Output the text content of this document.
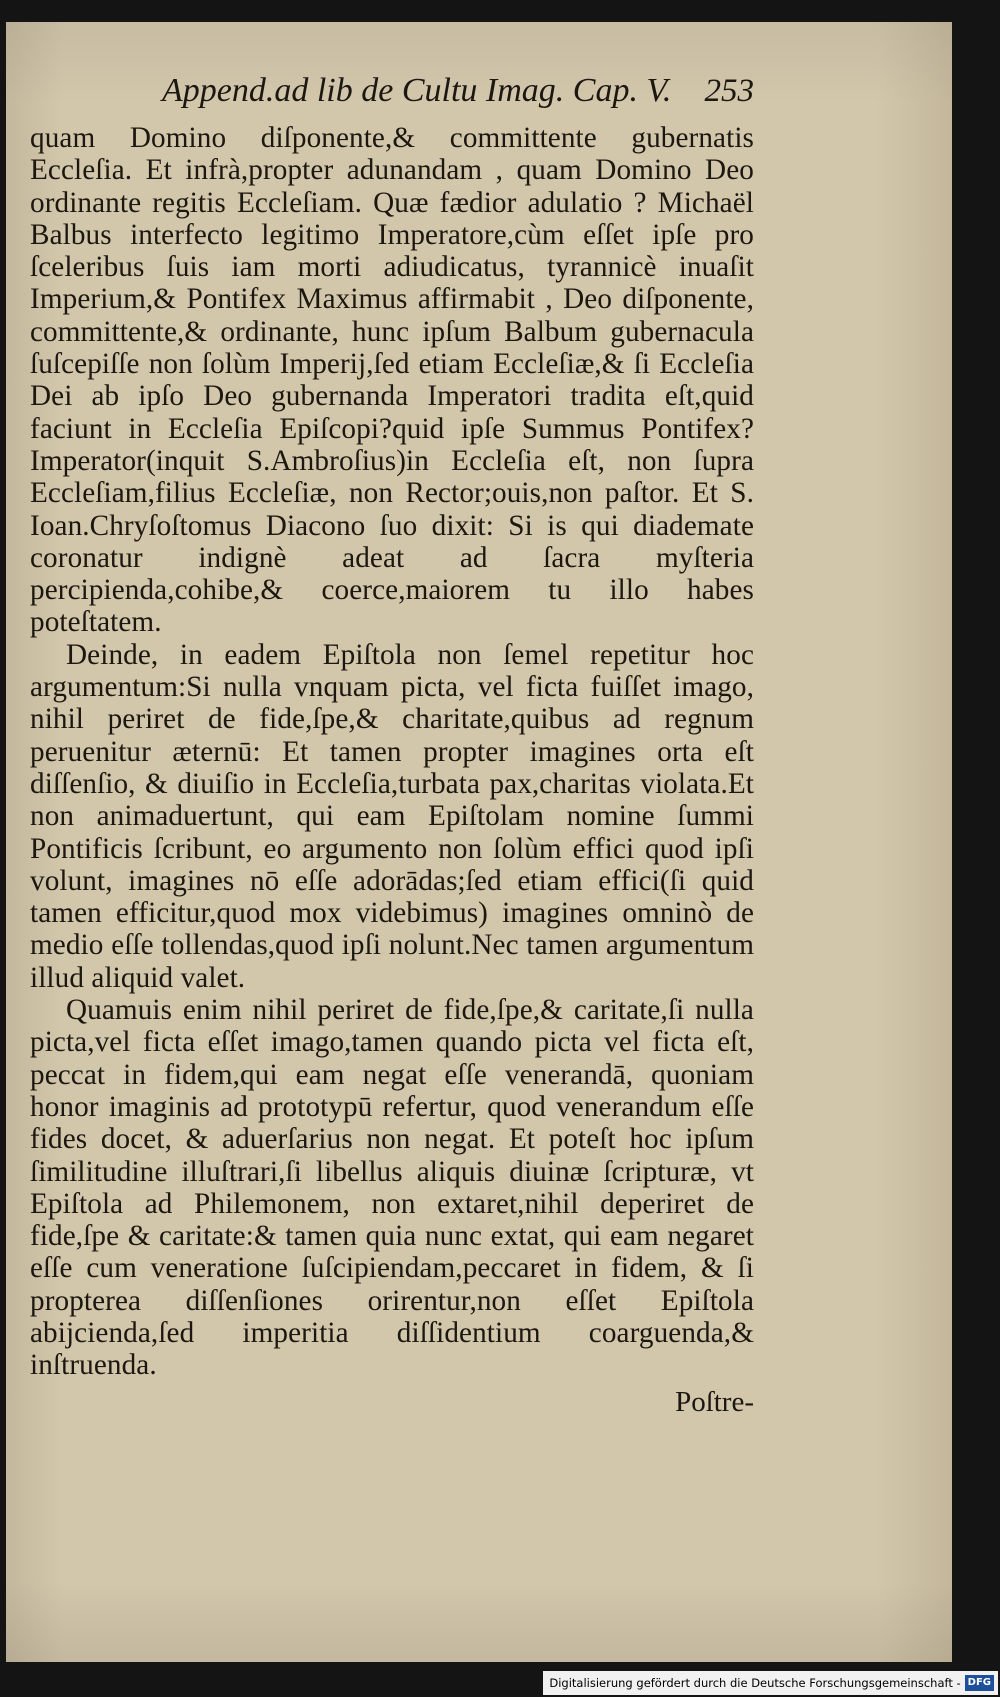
Append.ad lib de Cultu Imag. Cap. V. 253

quam Domino diſponente,& committente gubernatis Eccleſia. Et infrà,propter adunandam , quam Domino Deo ordinante regitis Eccleſiam. Quæ fædior adulatio ? Michaël Balbus interfecto legitimo Imperatore,cùm eſſet ipſe pro ſceleribus ſuis iam morti adiudicatus, tyrannicè inuaſit Imperium,& Pontifex Maximus affirmabit , Deo diſponente, committente,& ordinante, hunc ipſum Balbum gubernacula ſuſcepiſſe non ſolùm Imperij,ſed etiam Eccleſiæ,& ſi Eccleſia Dei ab ipſo Deo gubernanda Imperatori tradita eſt,quid faciunt in Eccleſia Epiſcopi?quid ipſe Summus Pontifex?Imperator(inquit S.Ambroſius)in Eccleſia eſt, non ſupra Eccleſiam,filius Eccleſiæ, non Rector;ouis,non paſtor. Et S. Ioan.Chryſoſtomus Diacono ſuo dixit: Si is qui diademate coronatur indignè adeat ad ſacra myſteria percipienda,cohibe,& coerce,maiorem tu illo habes poteſtatem.

Deinde, in eadem Epiſtola non ſemel repetitur hoc argumentum:Si nulla vnquam picta, vel ficta fuiſſet imago, nihil periret de fide,ſpe,& charitate,quibus ad regnum peruenitur æternū: Et tamen propter imagines orta eſt diſſenſio, & diuiſio in Eccleſia,turbata pax,charitas violata.Et non animaduertunt, qui eam Epiſtolam nomine ſummi Pontificis ſcribunt, eo argumento non ſolùm effici quod ipſi volunt, imagines nō eſſe adorādas;ſed etiam effici(ſi quid tamen efficitur,quod mox videbimus) imagines omninò de medio eſſe tollendas,quod ipſi nolunt.Nec tamen argumentum illud aliquid valet.

Quamuis enim nihil periret de fide,ſpe,& caritate,ſi nulla picta,vel ficta eſſet imago,tamen quando picta vel ficta eſt, peccat in fidem,qui eam negat eſſe venerandā, quoniam honor imaginis ad prototypū refertur, quod venerandum eſſe fides docet, & aduerſarius non negat. Et poteſt hoc ipſum ſimilitudine illuſtrari,ſi libellus aliquis diuinæ ſcripturæ, vt Epiſtola ad Philemonem, non extaret,nihil deperiret de fide,ſpe & caritate:& tamen quia nunc extat, qui eam negaret eſſe cum veneratione ſuſcipiendam,peccaret in fidem, & ſi propterea diſſenſiones orirentur,non eſſet Epiſtola abijcienda,ſed imperitia diſſidentium coarguenda,& inſtruenda.

Poſtre-
Digitalisierung gefördert durch die Deutsche Forschungsgemeinschaft - DFG
